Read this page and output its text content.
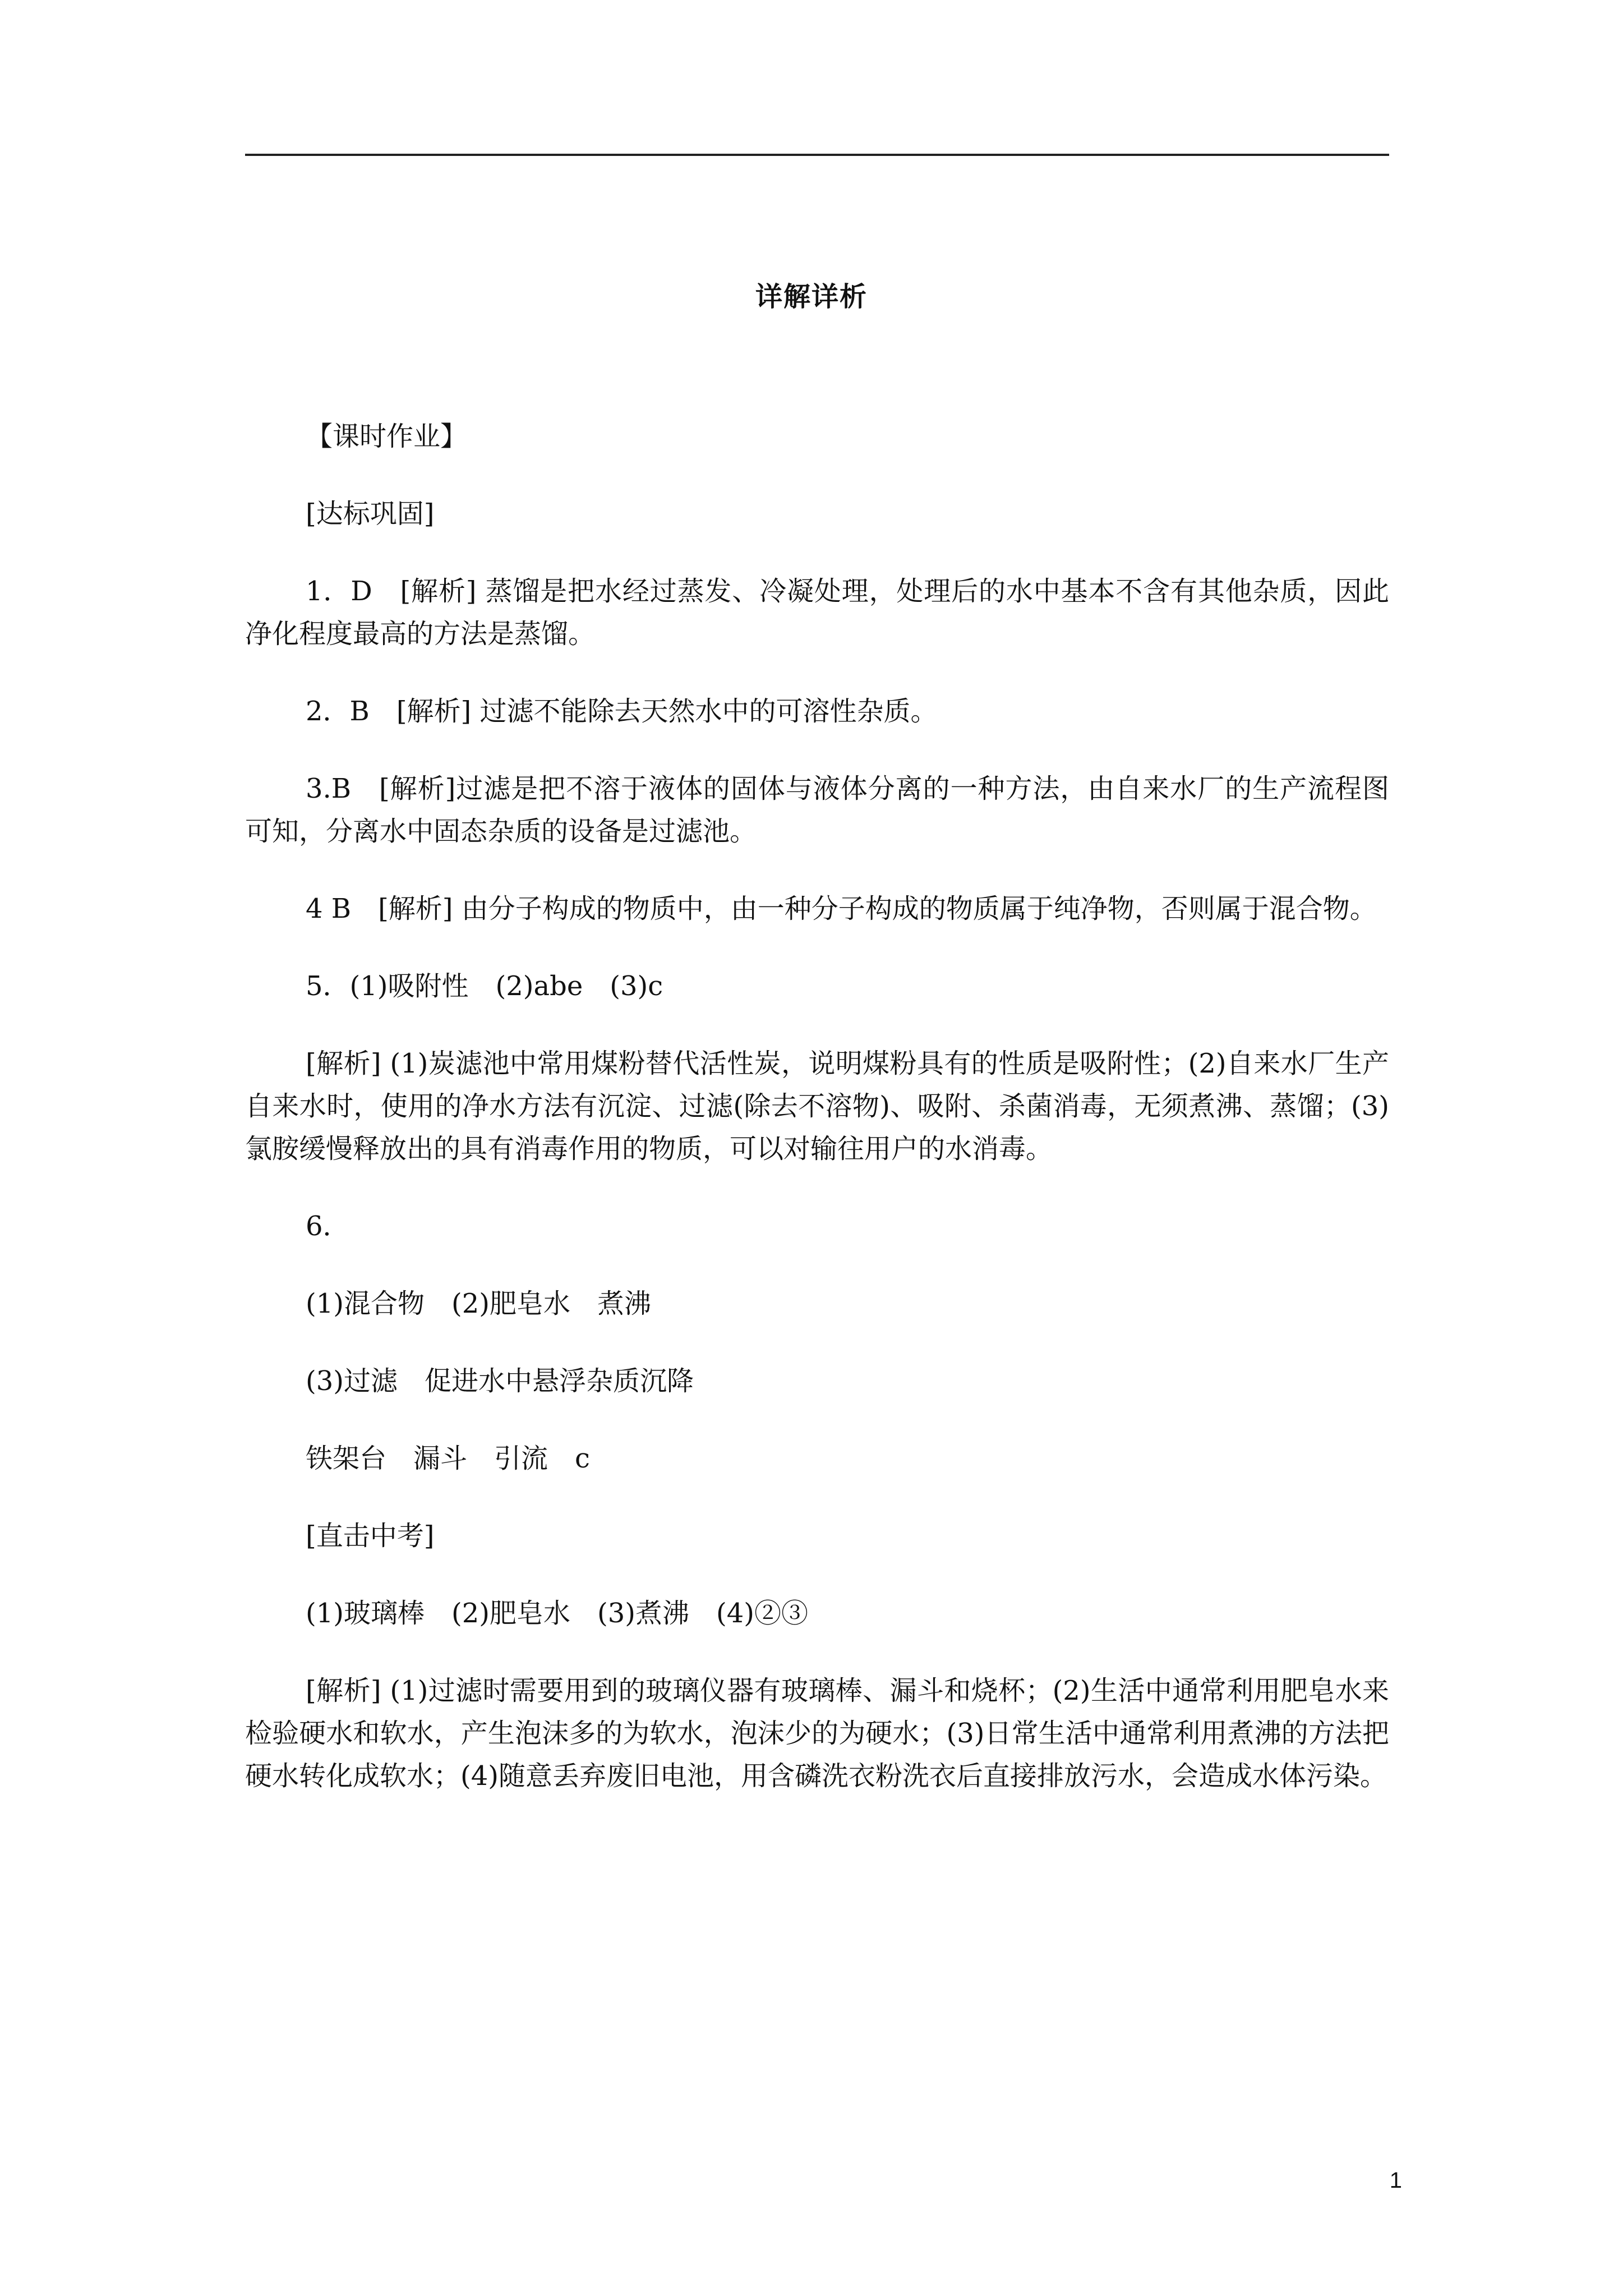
详解详析

【课时作业】

[达标巩固]

1．D　[解析] 蒸馏是把水经过蒸发、冷凝处理，处理后的水中基本不含有其他杂质，因此净化程度最高的方法是蒸馏。

2．B　[解析] 过滤不能除去天然水中的可溶性杂质。

3.B　[解析]过滤是把不溶于液体的固体与液体分离的一种方法，由自来水厂的生产流程图可知，分离水中固态杂质的设备是过滤池。

4 B　[解析] 由分子构成的物质中，由一种分子构成的物质属于纯净物，否则属于混合物。

5．(1)吸附性　(2)abe　(3)c

[解析] (1)炭滤池中常用煤粉替代活性炭，说明煤粉具有的性质是吸附性；(2)自来水厂生产自来水时，使用的净水方法有沉淀、过滤(除去不溶物)、吸附、杀菌消毒，无须煮沸、蒸馏；(3)氯胺缓慢释放出的具有消毒作用的物质，可以对输往用户的水消毒。

6．

(1)混合物　(2)肥皂水　煮沸

(3)过滤　促进水中悬浮杂质沉降

铁架台　漏斗　引流　c

[直击中考]

(1)玻璃棒　(2)肥皂水　(3)煮沸　(4)②③

[解析] (1)过滤时需要用到的玻璃仪器有玻璃棒、漏斗和烧杯；(2)生活中通常利用肥皂水来检验硬水和软水，产生泡沫多的为软水，泡沫少的为硬水；(3)日常生活中通常利用煮沸的方法把硬水转化成软水；(4)随意丢弃废旧电池，用含磷洗衣粉洗衣后直接排放污水，会造成水体污染。

1
